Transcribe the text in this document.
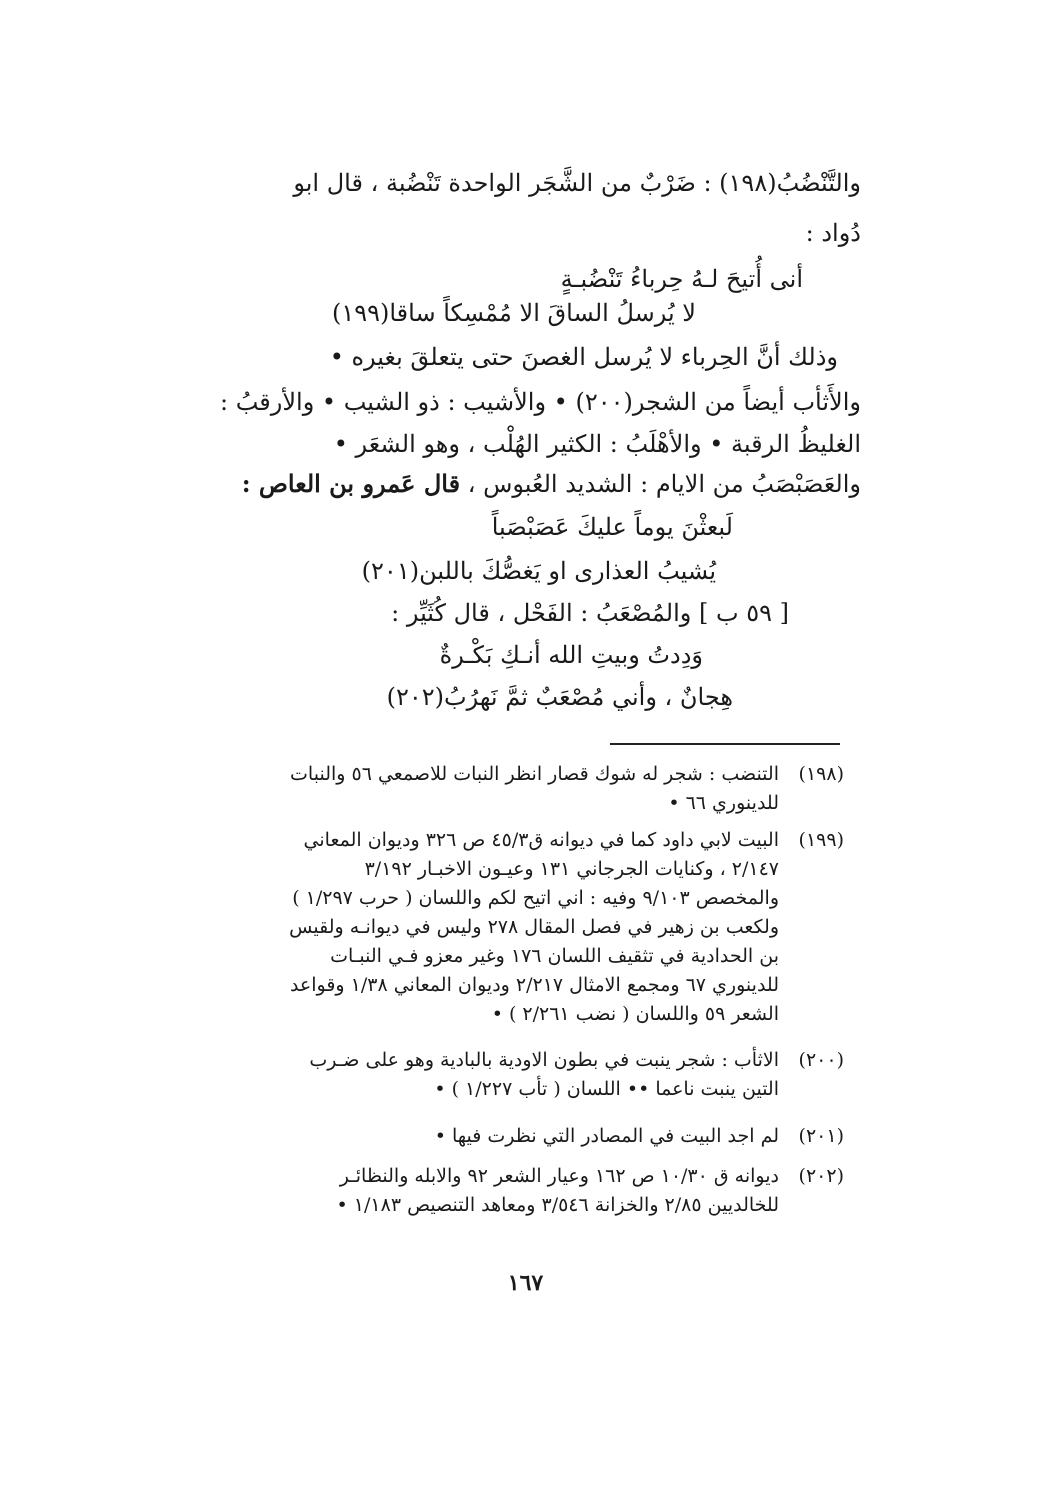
والتَّنْضُبُ(١٩٨) : ضَرْبٌ من الشَّجَر الواحدة تَنْضُبة ، قال ابو
دُواد :
أنى أُتيحَ لـهُ حِرباءُ تَنْضُبـةٍ
لا يُرسلُ الساقَ الا مُمْسِكاً ساقا(١٩٩)
وذلك أنَّ الحِرباء لا يُرسل الغصنَ حتى يتعلقَ بغيره •
والأَثأب أيضاً من الشجر(٢٠٠) • والأشيب : ذو الشيب • والأرقبُ :
الغليظُ الرقبة • والأهْلَبُ : الكثير الهُلْب ، وهو الشعَر •
والعَصَبْصَبُ من الايام : الشديد العُبوس ، قال عَمرو بن العاص :
لَبعثْنَ يوماً عليكَ عَصَبْصَباً
يُشيبُ العذارى او يَغصُّكَ باللبن(٢٠١)
[ ٥٩ ب ] والمُصْعَبُ : الفَحْل ، قال كُثَيِّر :
وَدِدتُ وبيتِ الله أنـكِ بَكْـرةٌ
هِجانٌ ، وأني مُصْعَبٌ ثمَّ نَهرُبُ(٢٠٢)
(١٩٨)
التنضب : شجر له شوك قصار انظر النبات للاصمعي ٥٦ والنبات
للدينوري ٦٦ •
(١٩٩)
البيت لابي داود كما في ديوانه ق٤٥/٣ ص ٣٢٦ وديوان المعاني
٢/١٤٧ ، وكنايات الجرجاني ١٣١ وعيـون الاخبـار ٣/١٩٢
والمخصص ٩/١٠٣ وفيه : اني اتيح لكم واللسان ( حرب ١/٢٩٧ )
ولكعب بن زهير في فصل المقال ٢٧٨ وليس في ديوانـه ولقيس
بن الحدادية في تثقيف اللسان ١٧٦ وغير معزو فـي النبـات
للدينوري ٦٧ ومجمع الامثال ٢/٢١٧ وديوان المعاني ١/٣٨ وقواعد
الشعر ٥٩ واللسان ( نضب ٢/٢٦١ ) •
(٢٠٠)
الاثأب : شجر ينبت في بطون الاودية بالبادية وهو على ضـرب
التين ينبت ناعما •• اللسان ( تأب ١/٢٢٧ ) •
(٢٠١)
لم اجد البيت في المصادر التي نظرت فيها •
(٢٠٢)
ديوانه ق ١٠/٣٠ ص ١٦٢ وعيار الشعر ٩٢ والابله والنظائـر
للخالديين ٢/٨٥ والخزانة ٣/٥٤٦ ومعاهد التنصيص ١/١٨٣ •
١٦٧
